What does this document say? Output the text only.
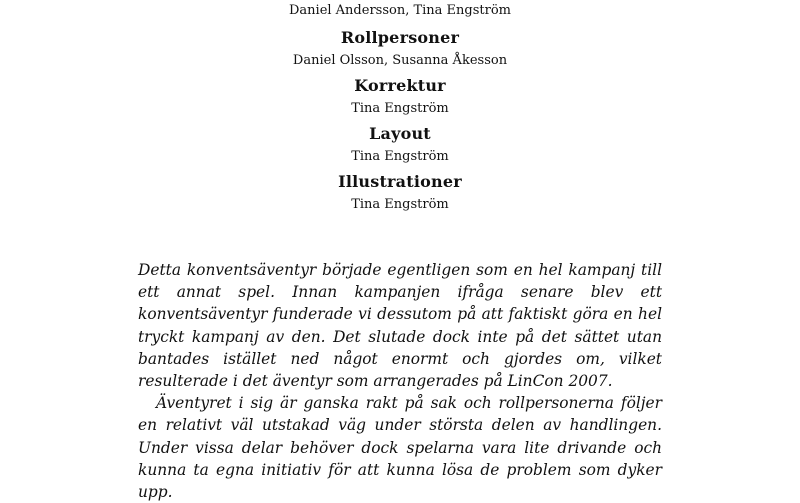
Daniel Andersson, Tina Engström
Rollpersoner
Daniel Olsson, Susanna Åkesson
Korrektur
Tina Engström
Layout
Tina Engström
Illustrationer
Tina Engström

Detta konventsäventyr började egentligen som en hel kampanj till ett annat spel. Innan kampanjen ifråga senare blev ett konventsäventyr funderade vi dessutom på att faktiskt göra en hel tryckt kampanj av den. Det slutade dock inte på det sättet utan bantades istället ned något enormt och gjordes om, vilket resulterade i det äventyr som arrangerades på LinCon 2007.

Äventyret i sig är ganska rakt på sak och rollpersonerna följer en relativt väl utstakad väg under största delen av handlingen. Under vissa delar behöver dock spelarna vara lite drivande och kunna ta egna initiativ för att kunna lösa de problem som dyker upp.
